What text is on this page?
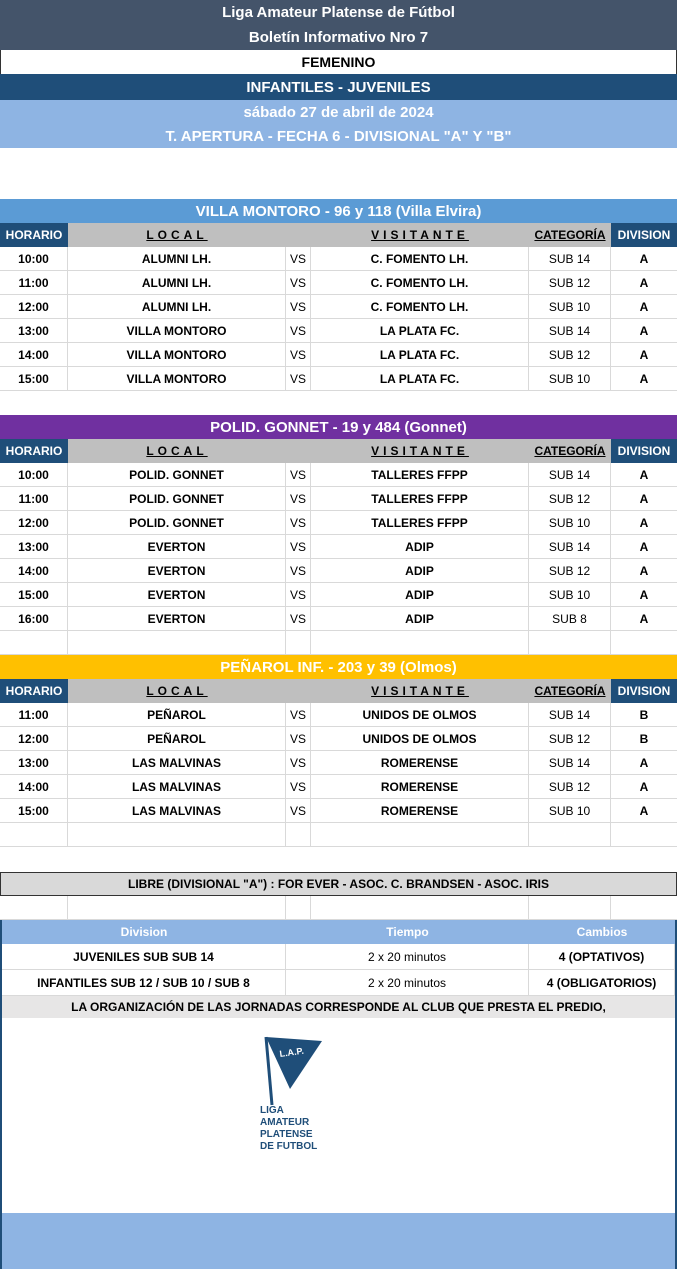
Liga Amateur Platense de Fútbol
Boletín Informativo Nro 7
FEMENINO
INFANTILES - JUVENILES
sábado 27 de abril de 2024
T. APERTURA - FECHA 6 - DIVISIONAL "A" Y "B"
VILLA MONTORO - 96 y 118 (Villa Elvira)
HORARIO	LOCAL	VISITANTE	CATEGORÍA	DIVISION
10:00	ALUMNI LH.	VS	C. FOMENTO LH.	SUB 14	A
11:00	ALUMNI LH.	VS	C. FOMENTO LH.	SUB 12	A
12:00	ALUMNI LH.	VS	C. FOMENTO LH.	SUB 10	A
13:00	VILLA MONTORO	VS	LA PLATA FC.	SUB 14	A
14:00	VILLA MONTORO	VS	LA PLATA FC.	SUB 12	A
15:00	VILLA MONTORO	VS	LA PLATA FC.	SUB 10	A
POLID. GONNET - 19 y 484 (Gonnet)
HORARIO	LOCAL	VISITANTE	CATEGORÍA	DIVISION
10:00	POLID. GONNET	VS	TALLERES FFPP	SUB 14	A
11:00	POLID. GONNET	VS	TALLERES FFPP	SUB 12	A
12:00	POLID. GONNET	VS	TALLERES FFPP	SUB 10	A
13:00	EVERTON	VS	ADIP	SUB 14	A
14:00	EVERTON	VS	ADIP	SUB 12	A
15:00	EVERTON	VS	ADIP	SUB 10	A
16:00	EVERTON	VS	ADIP	SUB 8	A
PEÑAROL INF. - 203 y 39 (Olmos)
HORARIO	LOCAL	VISITANTE	CATEGORÍA	DIVISION
11:00	PEÑAROL	VS	UNIDOS DE OLMOS	SUB 14	B
12:00	PEÑAROL	VS	UNIDOS DE OLMOS	SUB 12	B
13:00	LAS MALVINAS	VS	ROMERENSE	SUB 14	A
14:00	LAS MALVINAS	VS	ROMERENSE	SUB 12	A
15:00	LAS MALVINAS	VS	ROMERENSE	SUB 10	A
LIBRE (DIVISIONAL "A") : FOR EVER - ASOC. C. BRANDSEN - ASOC. IRIS
Division	Tiempo	Cambios
JUVENILES SUB SUB 14	2 x 20 minutos	4 (OPTATIVOS)
INFANTILES SUB 12 / SUB 10 / SUB 8	2 x 20 minutos	4 (OBLIGATORIOS)
LA ORGANIZACIÓN DE LAS JORNADAS CORRESPONDE AL CLUB QUE PRESTA EL PREDIO,
L.A.P.
LIGA
AMATEUR
PLATENSE
DE FUTBOL
